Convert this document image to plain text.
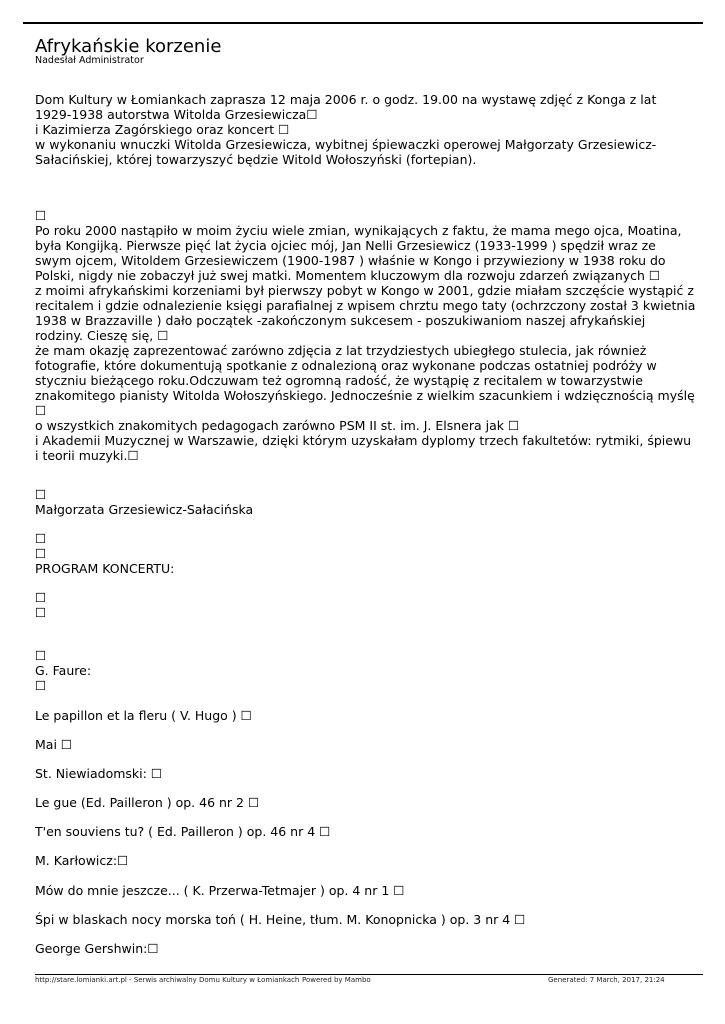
Afrykańskie korzenie
Nadesłał Administrator
Dom Kultury w Łomiankach zaprasza 12 maja 2006 r. o godz. 19.00 na wystawę zdjęć z Konga z lat
1929-1938 autorstwa Witolda Grzesiewicza☐
i Kazimierza Zagórskiego oraz koncert ☐
w wykonaniu wnuczki Witolda Grzesiewicza, wybitnej śpiewaczki operowej Małgorzaty Grzesiewicz-
Sałacińskiej, której towarzyszyć będzie Witold Wołoszyński (fortepian).
☐
Po roku 2000 nastąpiło w moim życiu wiele zmian, wynikających z faktu, że mama mego ojca, Moatina,
była Kongijką. Pierwsze pięć lat życia ojciec mój, Jan Nelli Grzesiewicz (1933-1999 ) spędził wraz ze
swym ojcem, Witoldem Grzesiewiczem (1900-1987 ) właśnie w Kongo i przywieziony w 1938 roku do
Polski, nigdy nie zobaczył już swej matki. Momentem kluczowym dla rozwoju zdarzeń związanych ☐
z moimi afrykańskimi korzeniami był pierwszy pobyt w Kongo w 2001, gdzie miałam szczęście wystąpić z
recitalem i gdzie odnalezienie księgi parafialnej z wpisem chrztu mego taty (ochrzczony został 3 kwietnia
1938 w Brazzaville ) dało początek -zakończonym sukcesem - poszukiwaniom naszej afrykańskiej
rodziny. Cieszę się, ☐
że mam okazję zaprezentować zarówno zdjęcia z lat trzydziestych ubiegłego stulecia, jak również
fotografie, które dokumentują spotkanie z odnalezioną oraz wykonane podczas ostatniej podróży w
styczniu bieżącego roku.Odczuwam też ogromną radość, że wystąpię z recitalem w towarzystwie
znakomitego pianisty Witolda Wołoszyńskiego. Jednocześnie z wielkim szacunkiem i wdzięcznością myślę
☐
o wszystkich znakomitych pedagogach zarówno PSM II st. im. J. Elsnera jak ☐
i Akademii Muzycznej w Warszawie, dzięki którym uzyskałam dyplomy trzech fakultetów: rytmiki, śpiewu
i teorii muzyki.☐
☐
Małgorzata Grzesiewicz-Sałacińska
☐
☐
PROGRAM KONCERTU:
☐
☐
☐
G. Faure:
☐
Le papillon et la fleru ( V. Hugo ) ☐
Mai ☐
St. Niewiadomski: ☐
Le gue (Ed. Pailleron ) op. 46 nr 2 ☐
T'en souviens tu? ( Ed. Pailleron ) op. 46 nr 4 ☐
M. Karłowicz:☐
Mów do mnie jeszcze... ( K. Przerwa-Tetmajer ) op. 4 nr 1 ☐
Śpi w blaskach nocy morska toń ( H. Heine, tłum. M. Konopnicka ) op. 3 nr 4 ☐
George Gershwin:☐
http://stare.lomianki.art.pl - Serwis archiwalny Domu Kultury w Łomiankach Powered by Mambo	Generated: 7 March, 2017, 21:24
